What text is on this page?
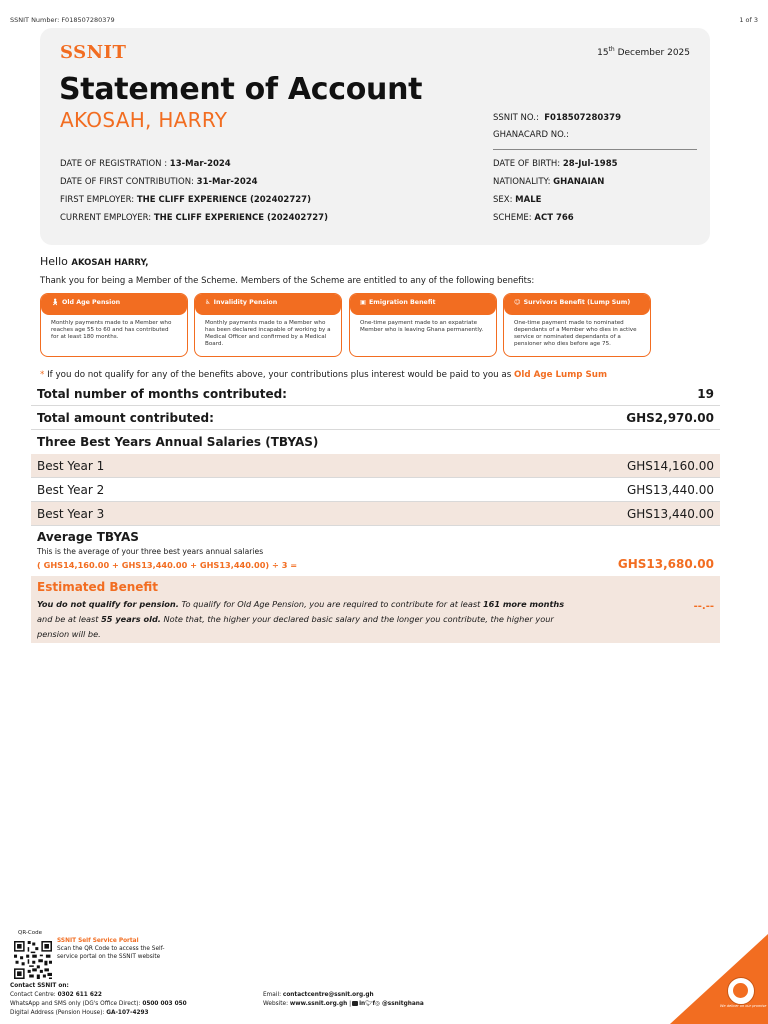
SSNIT Number: F018507280379	1 of 3
SSNIT	15th December 2025
Statement of Account
AKOSAH, HARRY	SSNIT NO.: F018507280379
GHANACARD NO.:
DATE OF REGISTRATION : 13-Mar-2024
DATE OF FIRST CONTRIBUTION: 31-Mar-2024
FIRST EMPLOYER: THE CLIFF EXPERIENCE (202402727)
CURRENT EMPLOYER: THE CLIFF EXPERIENCE (202402727)
DATE OF BIRTH: 28-Jul-1985
NATIONALITY: GHANAIAN
SEX: MALE
SCHEME: ACT 766
Hello AKOSAH HARRY,
Thank you for being a Member of the Scheme. Members of the Scheme are entitled to any of the following benefits:
🚶︎ Old Age Pension
Monthly payments made to a Member who reaches age 55 to 60 and has contributed for at least 180 months.
♿︎ Invalidity Pension
Monthly payments made to a Member who has been declared incapable of working by a Medical Officer and confirmed by a Medical Board.
▣ Emigration Benefit
One-time payment made to an expatriate Member who is leaving Ghana permanently.
☺︎ Survivors Benefit (Lump Sum)
One-time payment made to nominated dependants of a Member who dies in active service or nominated dependants of a pensioner who dies before age 75.
* If you do not qualify for any of the benefits above, your contributions plus interest would be paid to you as Old Age Lump Sum
Total number of months contributed:	19
Total amount contributed:	GHS2,970.00
Three Best Years Annual Salaries (TBYAS)
Best Year 1	GHS14,160.00
Best Year 2	GHS13,440.00
Best Year 3	GHS13,440.00
Average TBYAS
This is the average of your three best years annual salaries
( GHS14,160.00 + GHS13,440.00 + GHS13,440.00) ÷ 3 =	GHS13,680.00
Estimated Benefit
You do not qualify for pension. To qualify for Old Age Pension, you are required to contribute for at least 161 more months and be at least 55 years old. Note that, the higher your declared basic salary and the longer you contribute, the higher your pension will be.
--.--
QR-Code
SSNIT Self Service Portal
Scan the QR Code to access the Self-service portal on the SSNIT website
Contact SSNIT on:
Contact Centre: 0302 611 622
WhatsApp and SMS only (DG's Office Direct): 0500 003 050
Digital Address (Pension House): GA-107-4293
Email: contactcentre@ssnit.org.gh
Website: www.ssnit.org.gh | in🐦︎f◎ @ssnitghana	We deliver on our promise
